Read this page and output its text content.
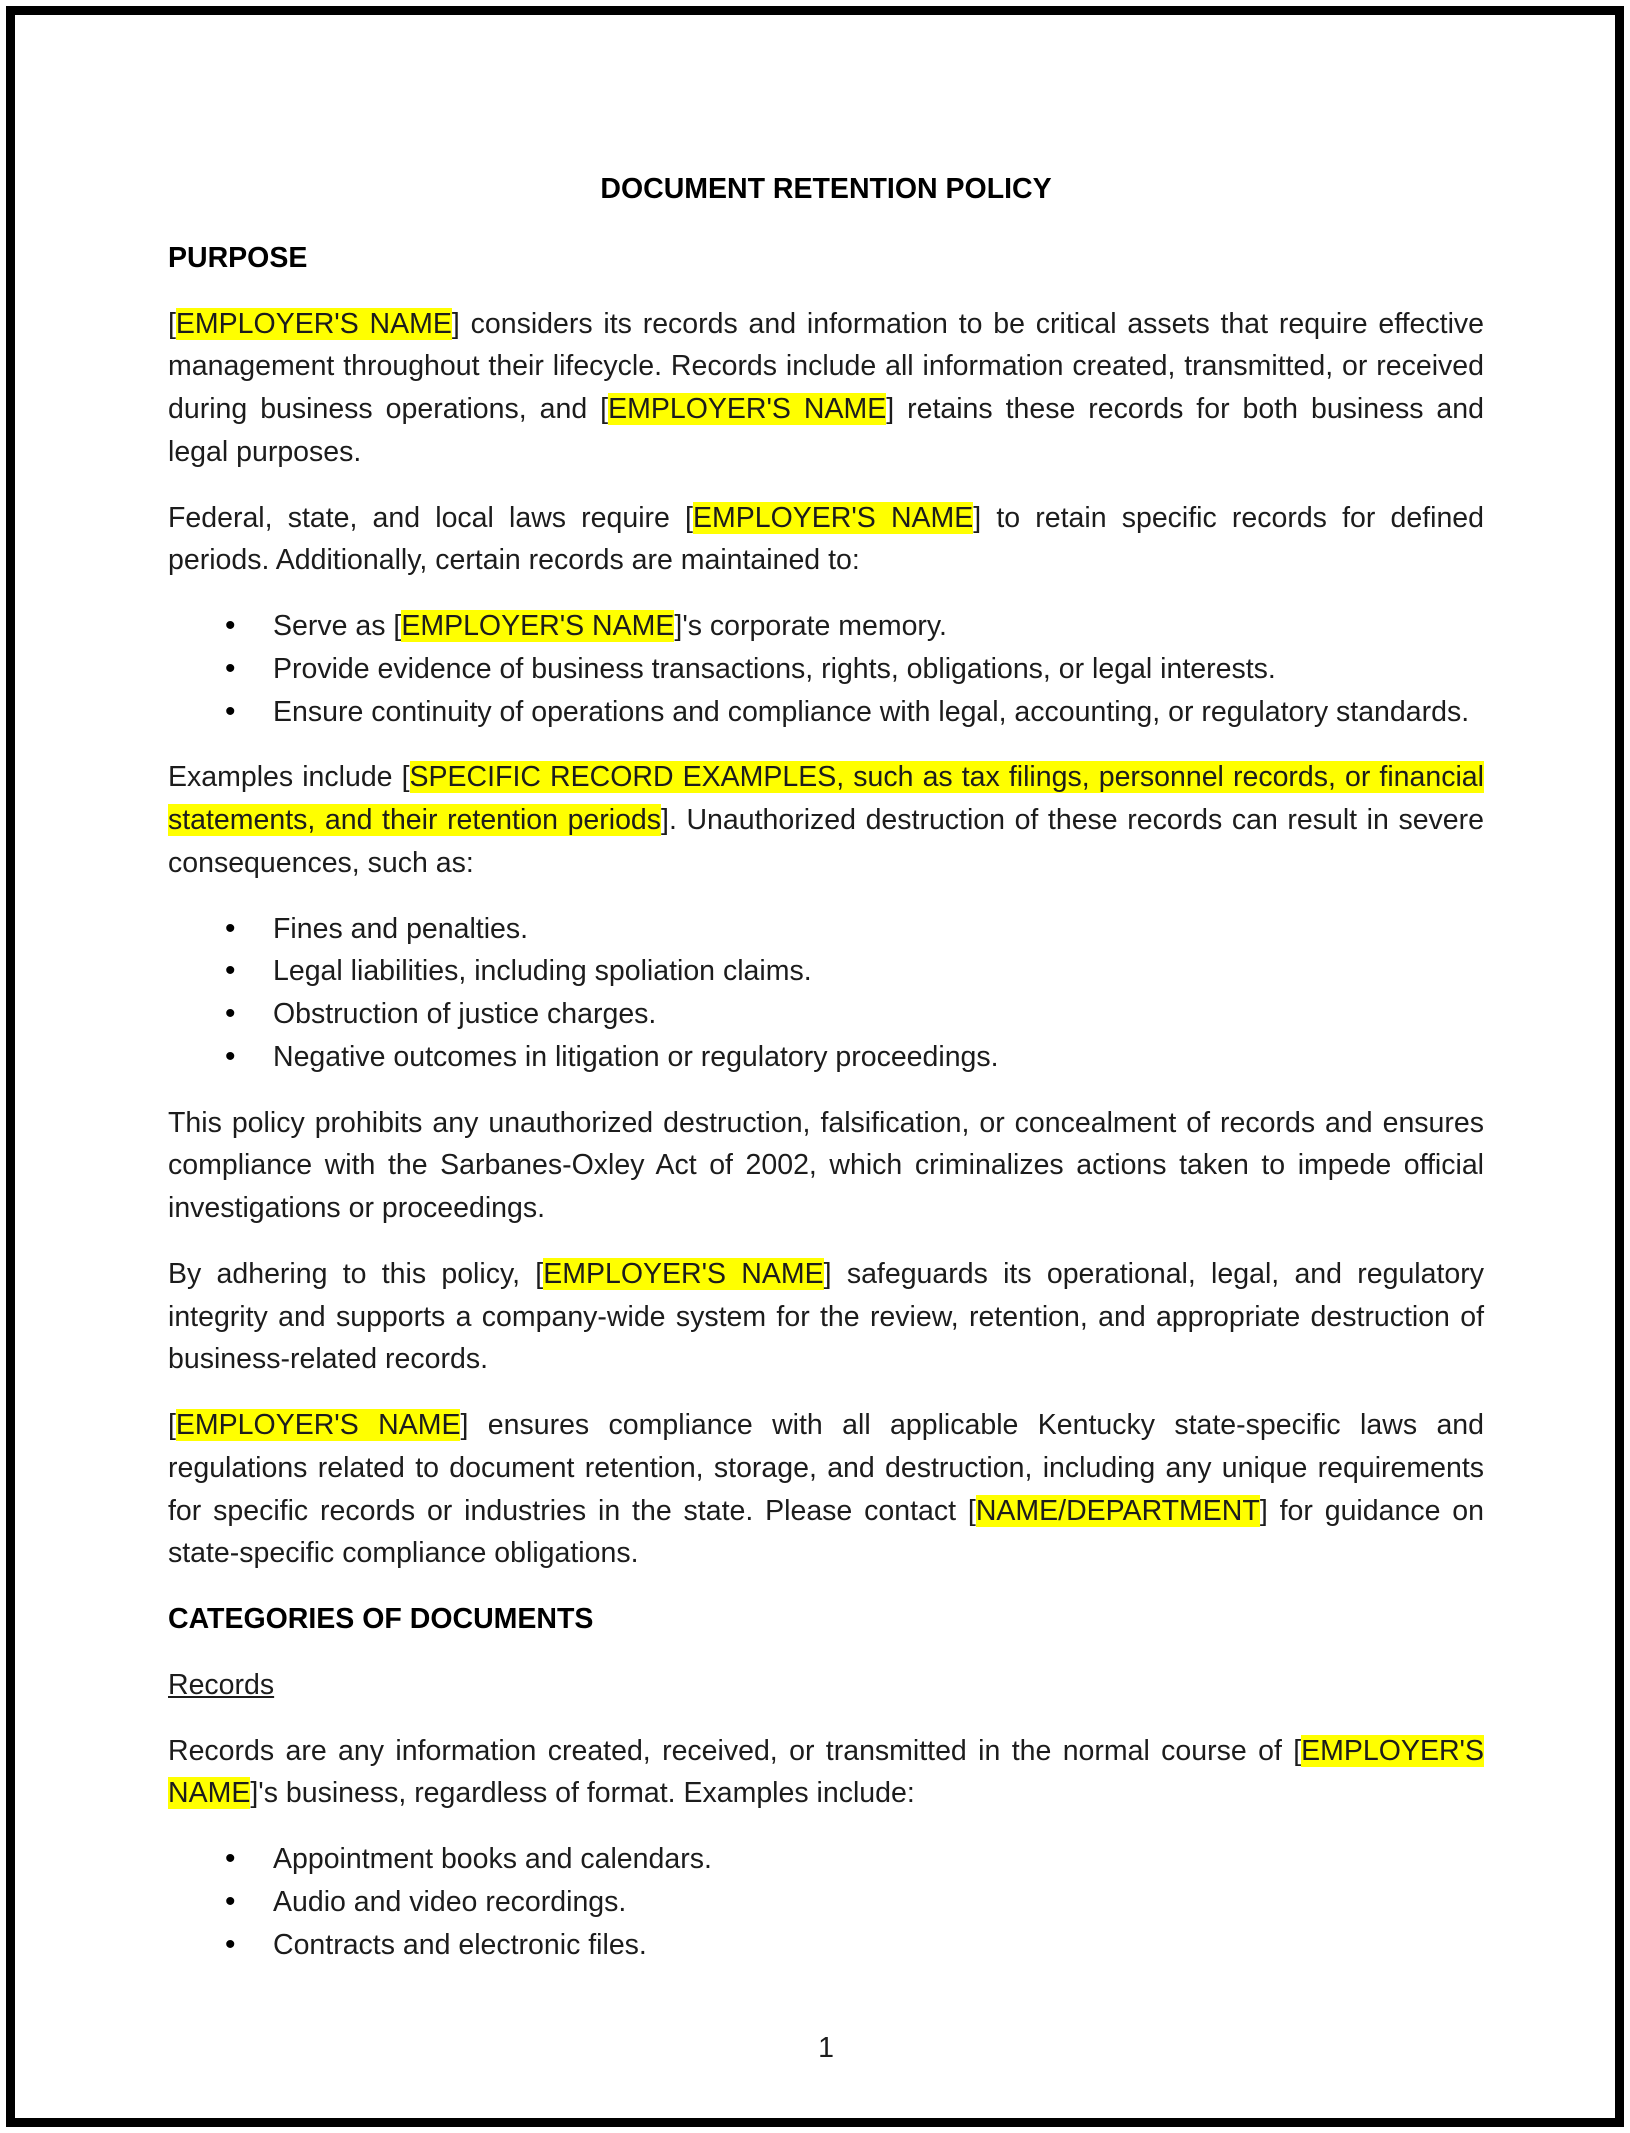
DOCUMENT RETENTION POLICY
PURPOSE

[EMPLOYER'S NAME] considers its records and information to be critical assets that require effective management throughout their lifecycle. Records include all information created, transmitted, or received during business operations, and [EMPLOYER'S NAME] retains these records for both business and legal purposes.

Federal, state, and local laws require [EMPLOYER'S NAME] to retain specific records for defined periods. Additionally, certain records are maintained to:

• Serve as [EMPLOYER'S NAME]'s corporate memory.
• Provide evidence of business transactions, rights, obligations, or legal interests.
• Ensure continuity of operations and compliance with legal, accounting, or regulatory standards.

Examples include [SPECIFIC RECORD EXAMPLES, such as tax filings, personnel records, or financial statements, and their retention periods]. Unauthorized destruction of these records can result in severe consequences, such as:

• Fines and penalties.
• Legal liabilities, including spoliation claims.
• Obstruction of justice charges.
• Negative outcomes in litigation or regulatory proceedings.

This policy prohibits any unauthorized destruction, falsification, or concealment of records and ensures compliance with the Sarbanes-Oxley Act of 2002, which criminalizes actions taken to impede official investigations or proceedings.

By adhering to this policy, [EMPLOYER'S NAME] safeguards its operational, legal, and regulatory integrity and supports a company-wide system for the review, retention, and appropriate destruction of business-related records.

[EMPLOYER'S NAME] ensures compliance with all applicable Kentucky state-specific laws and regulations related to document retention, storage, and destruction, including any unique requirements for specific records or industries in the state. Please contact [NAME/DEPARTMENT] for guidance on state-specific compliance obligations.

CATEGORIES OF DOCUMENTS
Records

Records are any information created, received, or transmitted in the normal course of [EMPLOYER'S NAME]'s business, regardless of format. Examples include:

• Appointment books and calendars.
• Audio and video recordings.
• Contracts and electronic files.
1
